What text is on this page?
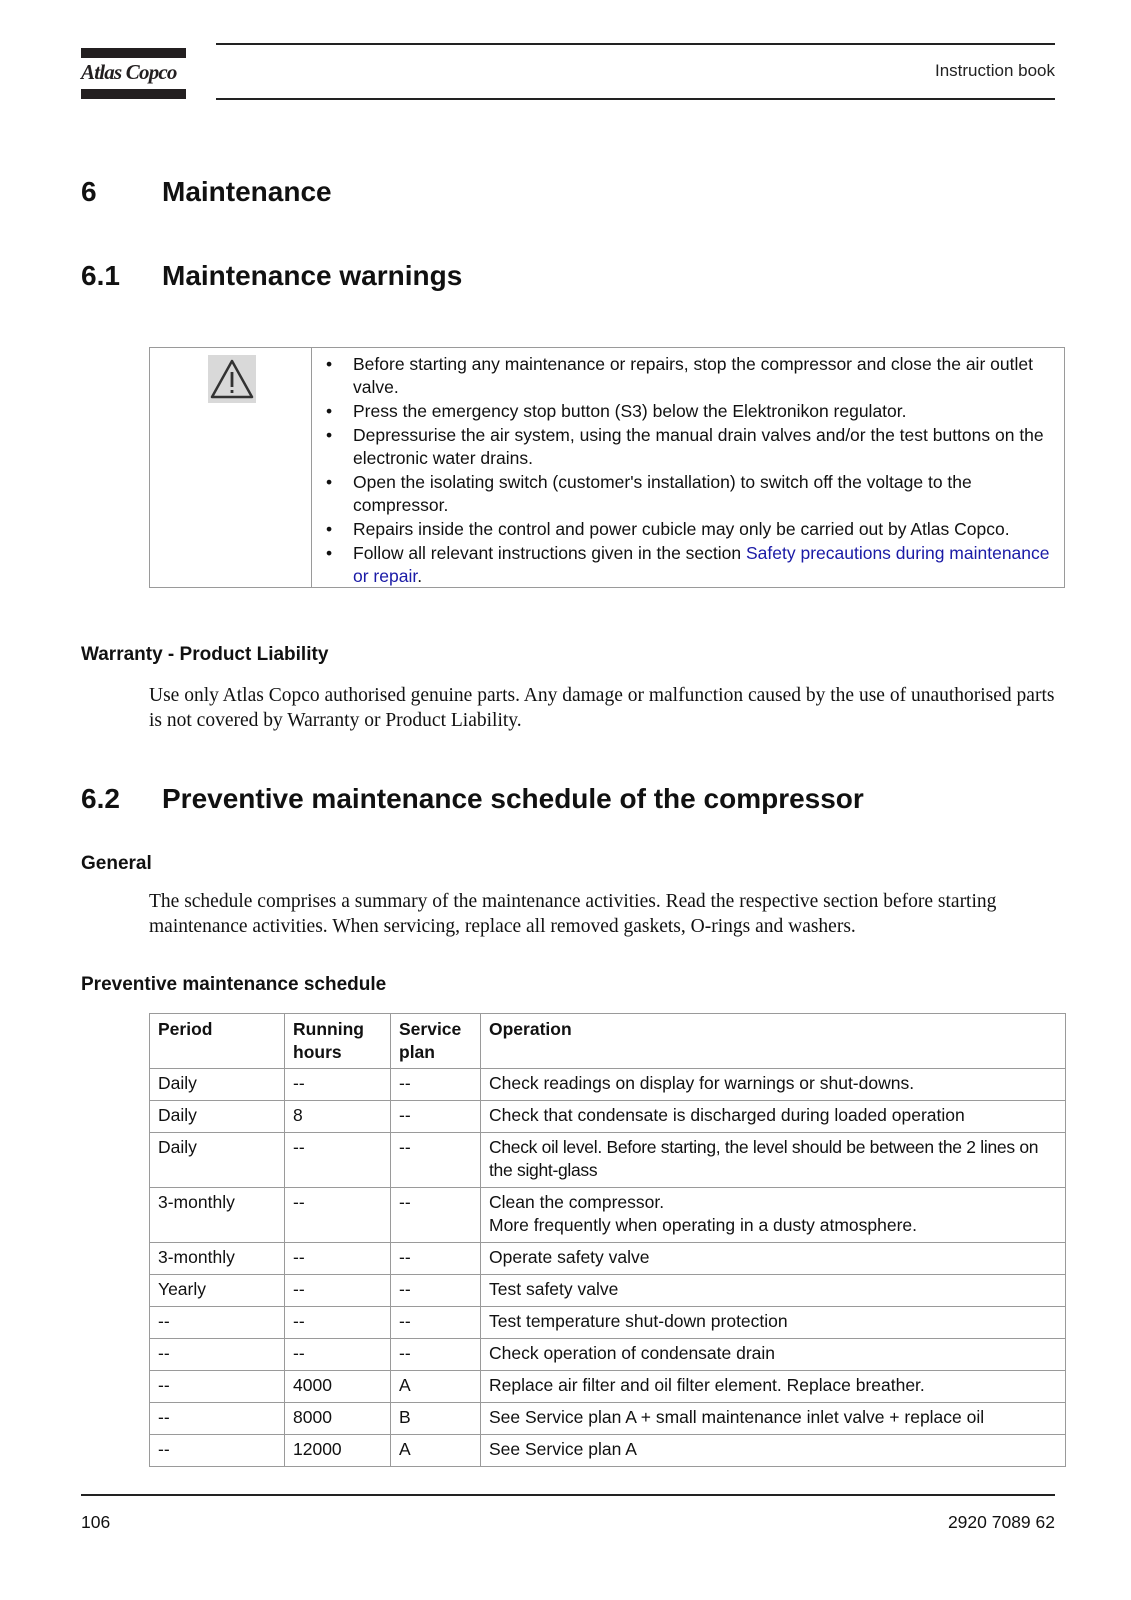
Atlas Copco	Instruction book
6 Maintenance
6.1 Maintenance warnings
• Before starting any maintenance or repairs, stop the compressor and close the air outlet valve.
• Press the emergency stop button (S3) below the Elektronikon regulator.
• Depressurise the air system, using the manual drain valves and/or the test buttons on the electronic water drains.
• Open the isolating switch (customer's installation) to switch off the voltage to the compressor.
• Repairs inside the control and power cubicle may only be carried out by Atlas Copco.
• Follow all relevant instructions given in the section Safety precautions during maintenance or repair.
Warranty - Product Liability
Use only Atlas Copco authorised genuine parts. Any damage or malfunction caused by the use of unauthorised parts is not covered by Warranty or Product Liability.
6.2 Preventive maintenance schedule of the compressor
General
The schedule comprises a summary of the maintenance activities. Read the respective section before starting maintenance activities. When servicing, replace all removed gaskets, O-rings and washers.
Preventive maintenance schedule
Period	Running hours	Service plan	Operation
Daily	--	--	Check readings on display for warnings or shut-downs.
Daily	8	--	Check that condensate is discharged during loaded operation
Daily	--	--	Check oil level. Before starting, the level should be between the 2 lines on the sight-glass
3-monthly	--	--	Clean the compressor.
More frequently when operating in a dusty atmosphere.
3-monthly	--	--	Operate safety valve
Yearly	--	--	Test safety valve
--	--	--	Test temperature shut-down protection
--	--	--	Check operation of condensate drain
--	4000	A	Replace air filter and oil filter element. Replace breather.
--	8000	B	See Service plan A + small maintenance inlet valve + replace oil
--	12000	A	See Service plan A
106	2920 7089 62
